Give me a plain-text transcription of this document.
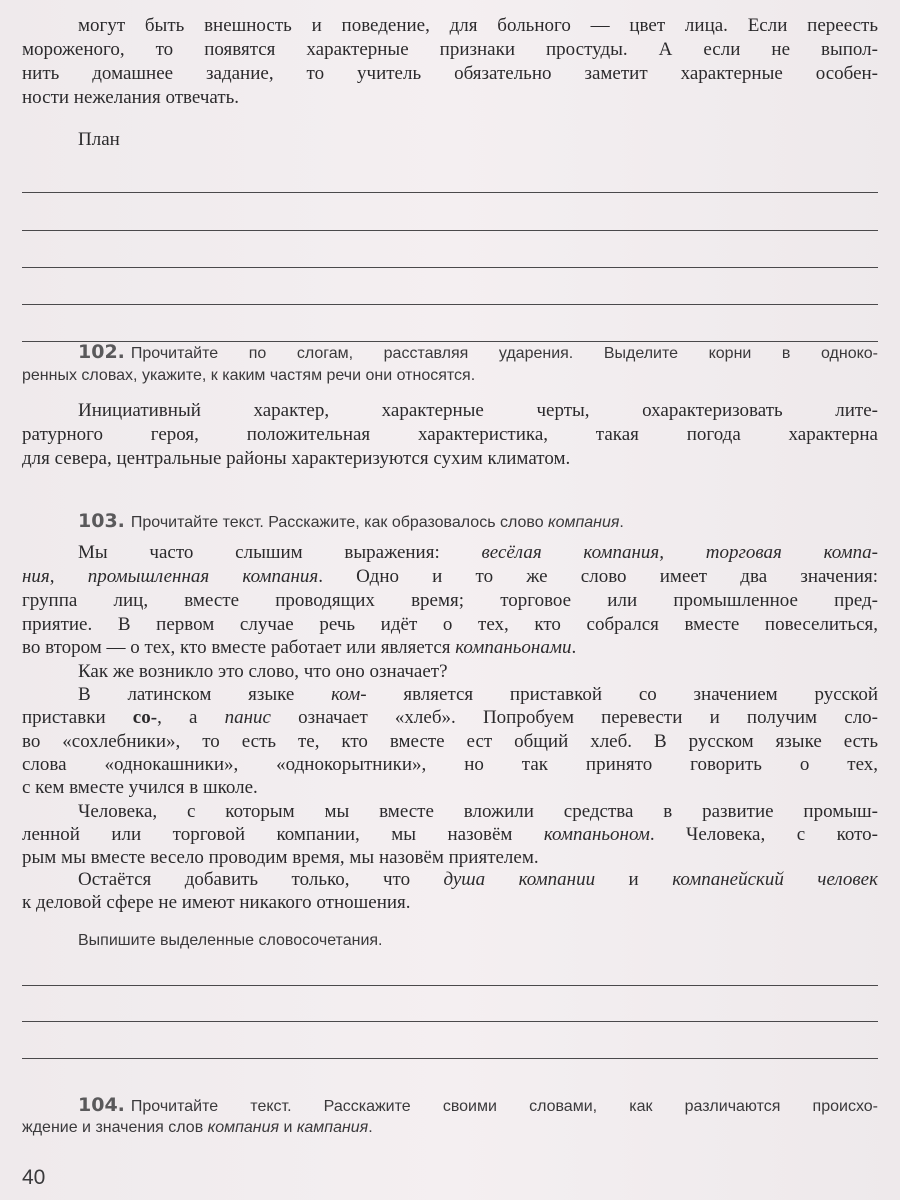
40
могут быть внешность и поведение, для больного — цвет лица. Если переесть
мороженого, то появятся характерные признаки простуды. А если не выпол-
нить домашнее задание, то учитель обязательно заметит характерные особен-
ности нежелания отвечать.
План
102. Прочитайте по слогам, расставляя ударения. Выделите корни в одноко-
ренных словах, укажите, к каким частям речи они относятся.
Инициативный характер, характерные черты, охарактеризовать лите-
ратурного героя, положительная характеристика, такая погода характерна
для севера, центральные районы характеризуются сухим климатом.
103. Прочитайте текст. Расскажите, как образовалось слово компания.
Мы часто слышим выражения: весёлая компания, торговая компа-
ния, промышленная компания. Одно и то же слово имеет два значения:
группа лиц, вместе проводящих время; торговое или промышленное пред-
приятие. В первом случае речь идёт о тех, кто собрался вместе повеселиться,
во втором — о тех, кто вместе работает или является компаньонами.
Как же возникло это слово, что оно означает?
В латинском языке ком- является приставкой со значением русской
приставки со-, а панис означает «хлеб». Попробуем перевести и получим сло-
во «сохлебники», то есть те, кто вместе ест общий хлеб. В русском языке есть
слова «однокашники», «однокорытники», но так принято говорить о тех,
с кем вместе учился в школе.
Человека, с которым мы вместе вложили средства в развитие промыш-
ленной или торговой компании, мы назовём компаньоном. Человека, с кото-
рым мы вместе весело проводим время, мы назовём приятелем.
Остаётся добавить только, что душа компании и компанейский человек
к деловой сфере не имеют никакого отношения.
Выпишите выделенные словосочетания.
104. Прочитайте текст. Расскажите своими словами, как различаются происхо-
ждение и значения слов компания и кампания.
